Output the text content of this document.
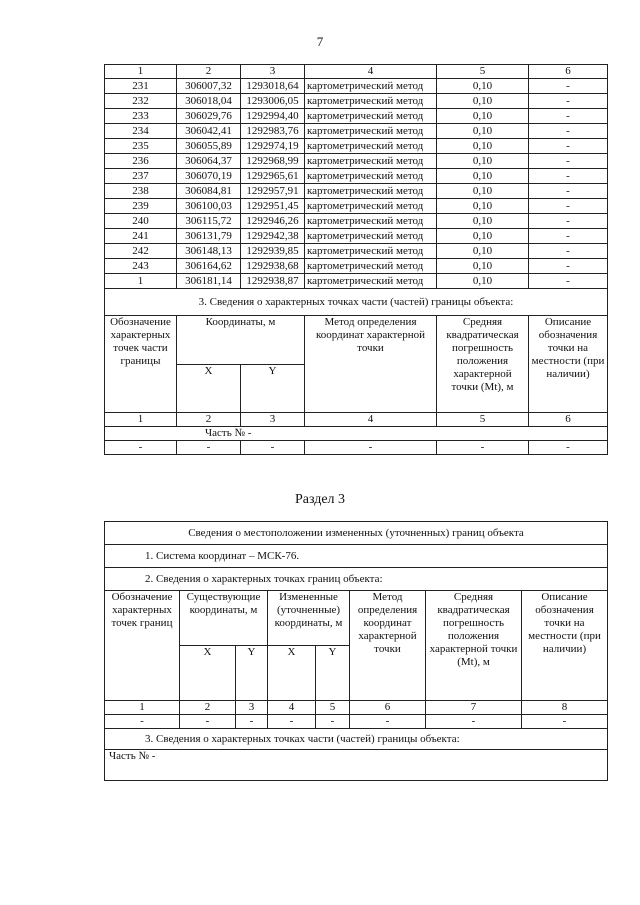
7
1	2	3	4	5	6
231	306007,32	1293018,64	картометрический метод	0,10	-
232	306018,04	1293006,05	картометрический метод	0,10	-
233	306029,76	1292994,40	картометрический метод	0,10	-
234	306042,41	1292983,76	картометрический метод	0,10	-
235	306055,89	1292974,19	картометрический метод	0,10	-
236	306064,37	1292968,99	картометрический метод	0,10	-
237	306070,19	1292965,61	картометрический метод	0,10	-
238	306084,81	1292957,91	картометрический метод	0,10	-
239	306100,03	1292951,45	картометрический метод	0,10	-
240	306115,72	1292946,26	картометрический метод	0,10	-
241	306131,79	1292942,38	картометрический метод	0,10	-
242	306148,13	1292939,85	картометрический метод	0,10	-
243	306164,62	1292938,68	картометрический метод	0,10	-
1	306181,14	1292938,87	картометрический метод	0,10	-
3. Сведения о характерных точках части (частей) границы объекта:					
Обозначение характерных точек части границы	Координаты, м		Метод определения координат характерной точки	Средняя квадратическая погрешность положения характерной точки (Mt), м	Описание обозначения точки на местности (при наличии)
	X	Y			
1	2	3	4	5	6
Часть № -					
-	-	-	-	-	-
Раздел 3
Сведения о местоположении измененных (уточненных) границ объекта							
1. Система координат – МСК-76.							
2. Сведения о характерных точках границ объекта:							
Обозначение характерных точек границ	Существующие координаты, м		Измененные (уточненные) координаты, м		Метод определения координат характерной точки	Средняя квадратическая погрешность положения характерной точки (Mt), м	Описание обозначения точки на местности (при наличии)
	X	Y	X	Y			
1	2	3	4	5	6	7	8
-	-	-	-	-	-	-	-
3. Сведения о характерных точках части (частей) границы объекта:							
Часть № -							
